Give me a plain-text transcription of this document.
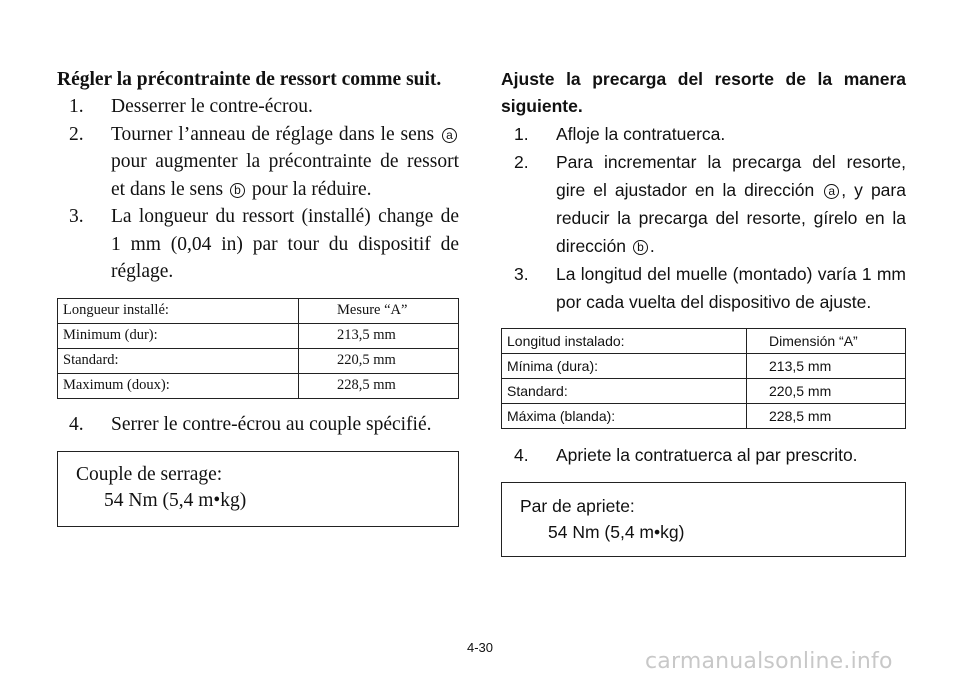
Régler la précontrainte de ressort comme suit.
1.	Desserrer le contre-écrou.
2.	Tourner l’anneau de réglage dans le sens a pour augmenter la précontrainte de ressort et dans le sens b pour la réduire.
3.	La longueur du ressort (installé) change de 1 mm (0,04 in) par tour du dispositif de réglage.
Longueur installé:	Mesure “A”
Minimum (dur):	213,5 mm
Standard:	220,5 mm
Maximum (doux):	228,5 mm
4.	Serrer le contre-écrou au couple spécifié.
Couple de serrage:
54 Nm (5,4 m•kg)
Ajuste la precarga del resorte de la manera siguiente.
1.	Afloje la contratuerca.
2.	Para incrementar la precarga del resorte, gire el ajustador en la dirección a , y para reducir la precarga del resorte, gírelo en la dirección b .
3.	La longitud del muelle (montado) varía 1 mm por cada vuelta del dispositivo de ajuste.
Longitud instalado:	Dimensión “A”
Mínima (dura):	213,5 mm
Standard:	220,5 mm
Máxima (blanda):	228,5 mm
4.	Apriete la contratuerca al par prescrito.
Par de apriete:
54 Nm (5,4 m•kg)
4-30
carmanualsonline.info
